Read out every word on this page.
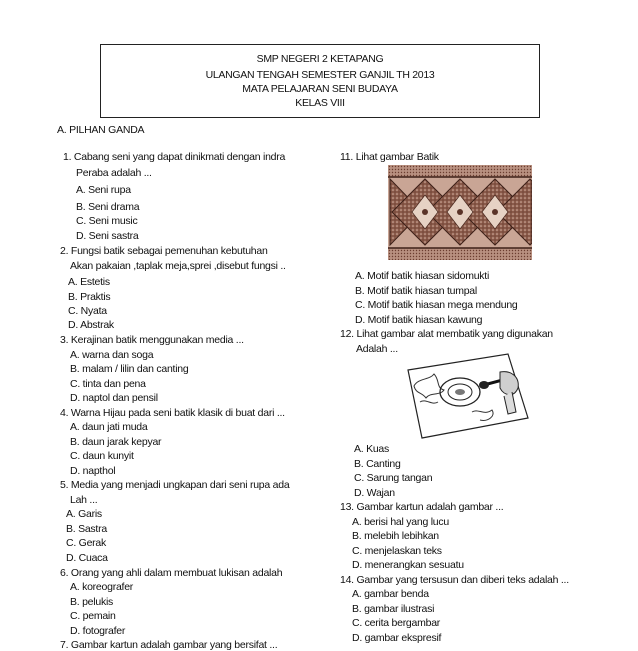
SMP NEGERI 2 KETAPANG
ULANGAN TENGAH SEMESTER GANJIL TH 2013
MATA PELAJARAN SENI BUDAYA
KELAS VIII
A. PILHAN GANDA
1. Cabang seni yang dapat dinikmati dengan indra
Peraba adalah ...
A. Seni rupa
B. Seni drama
C. Seni music
D. Seni sastra
2. Fungsi batik sebagai pemenuhan kebutuhan
Akan pakaian ,taplak meja,sprei ,disebut fungsi ..
A. Estetis
B. Praktis
C. Nyata
D. Abstrak
3. Kerajinan batik menggunakan media ...
A. warna dan soga
B. malam / lilin dan canting
C. tinta dan pena
D. naptol dan pensil
4. Warna Hijau pada seni batik klasik di buat dari ...
A. daun jati muda
B. daun jarak kepyar
C. daun kunyit
D. napthol
5. Media yang menjadi ungkapan dari seni rupa ada
Lah ...
A. Garis
B. Sastra
C. Gerak
D. Cuaca
6. Orang yang ahli dalam membuat lukisan adalah
A. koreografer
B. pelukis
C. pemain
D. fotografer
7. Gambar kartun adalah gambar yang bersifat ...
11. Lihat gambar Batik
A. Motif batik hiasan sidomukti
B. Motif batik hiasan tumpal
C. Motif batik hiasan mega mendung
D. Motif batik hiasan kawung
12. Lihat gambar alat membatik yang digunakan
Adalah ...
A. Kuas
B. Canting
C. Sarung tangan
D. Wajan
13. Gambar kartun adalah gambar ...
A. berisi hal yang lucu
B. melebih lebihkan
C. menjelaskan teks
D. menerangkan sesuatu
14. Gambar yang tersusun dan diberi teks adalah ...
A. gambar benda
B. gambar ilustrasi
C. cerita bergambar
D. gambar ekspresif
